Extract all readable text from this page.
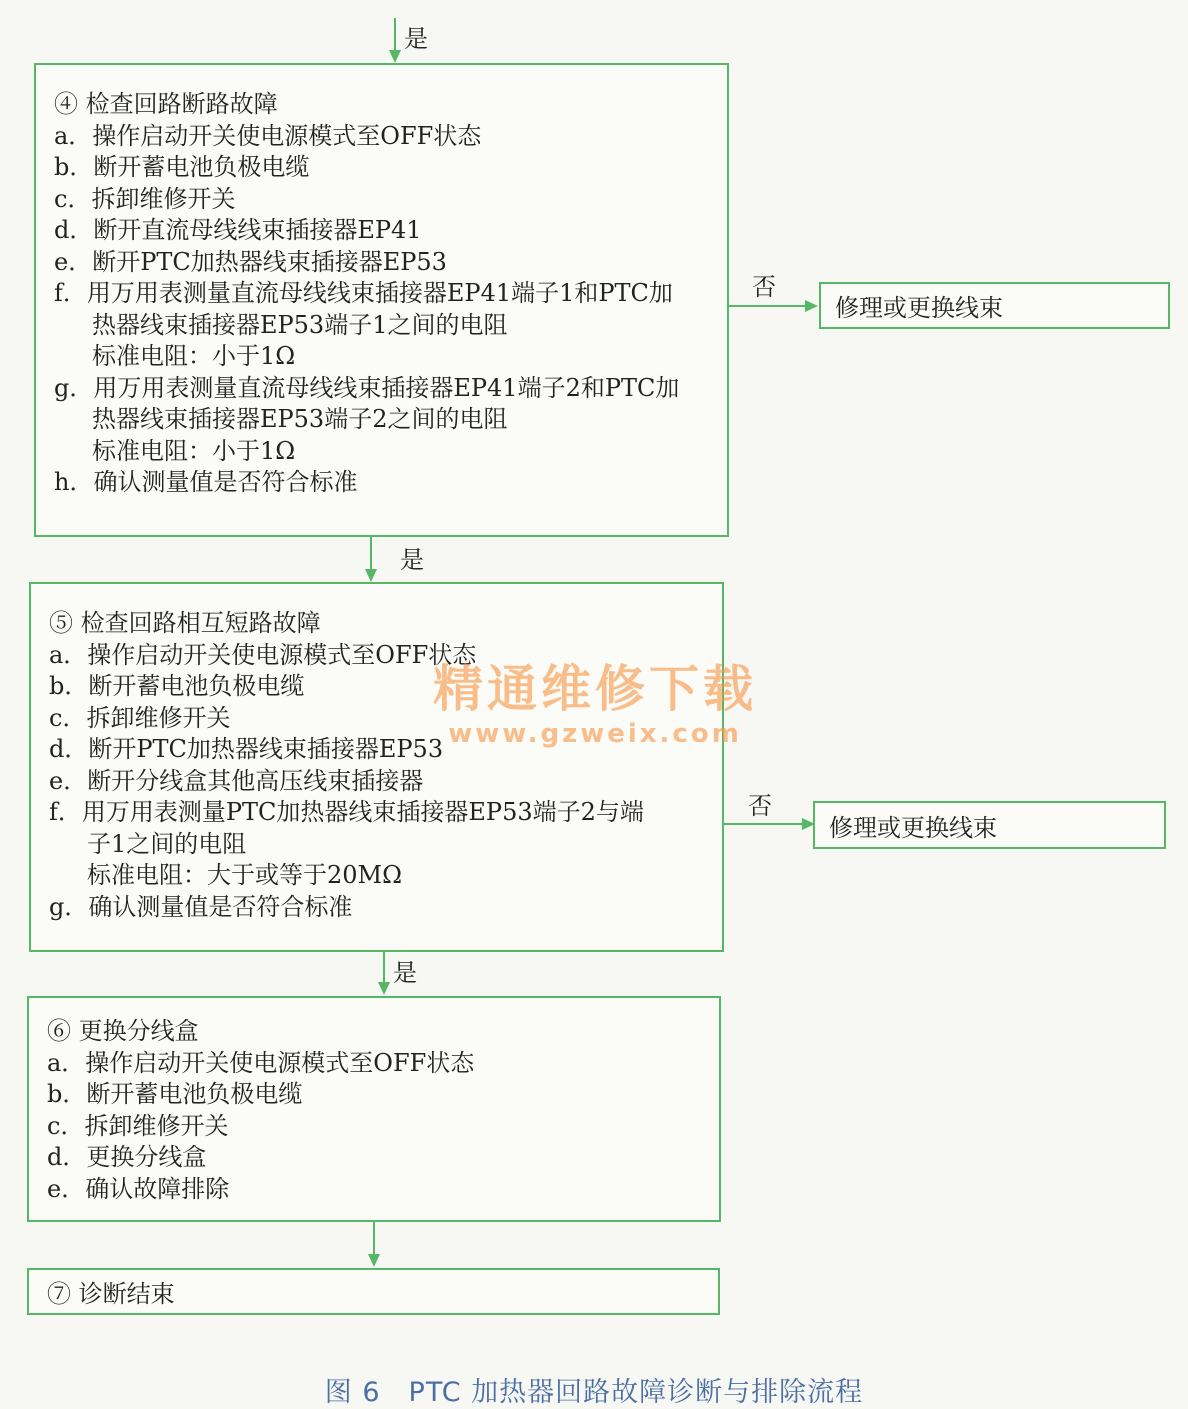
是

④ 检查回路断路故障

a．操作启动开关使电源模式至OFF状态

b．断开蓄电池负极电缆

c．拆卸维修开关

d．断开直流母线线束插接器EP41

e．断开PTC加热器线束插接器EP53

f．用万用表测量直流母线线束插接器EP41端子1和PTC加

热器线束插接器EP53端子1之间的电阻

标准电阻：小于1Ω

g．用万用表测量直流母线线束插接器EP41端子2和PTC加

热器线束插接器EP53端子2之间的电阻

标准电阻：小于1Ω

h．确认测量值是否符合标准

否
修理或更换线束
是

⑤ 检查回路相互短路故障

a．操作启动开关使电源模式至OFF状态

b．断开蓄电池负极电缆

c．拆卸维修开关

d．断开PTC加热器线束插接器EP53

e．断开分线盒其他高压线束插接器

f．用万用表测量PTC加热器线束插接器EP53端子2与端

子1之间的电阻

标准电阻：大于或等于20MΩ

g．确认测量值是否符合标准

否
修理或更换线束
是

⑥ 更换分线盒

a．操作启动开关使电源模式至OFF状态

b．断开蓄电池负极电缆

c．拆卸维修开关

d．更换分线盒

e．确认故障排除

⑦ 诊断结束
精通维修下载
www.gzweix.com
图 6　PTC 加热器回路故障诊断与排除流程
